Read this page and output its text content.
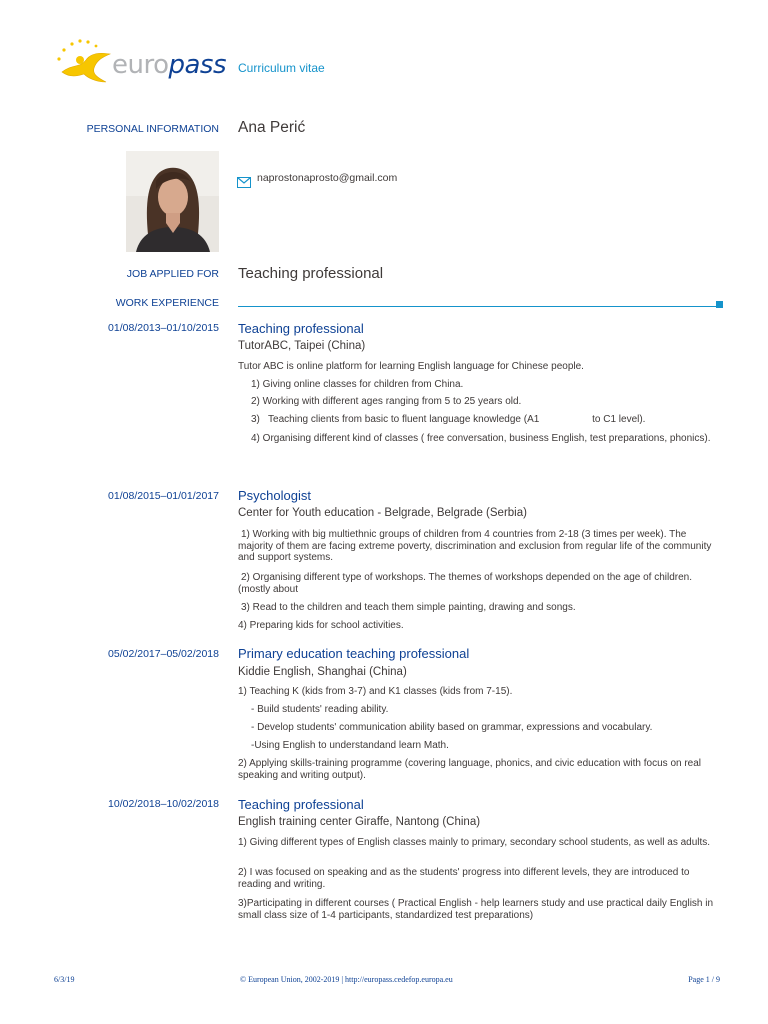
europass Curriculum vitae
PERSONAL INFORMATION Ana Perić
naprostonaprosto@gmail.com
JOB APPLIED FOR Teaching professional
WORK EXPERIENCE
01/08/2013–01/10/2015 Teaching professional
TutorABC, Taipei (China)
Tutor ABC is online platform for learning English language for Chinese people.
1) Giving online classes for children from China.
2) Working with different ages ranging from 5 to 25 years old.
3)   Teaching clients from basic to fluent language knowledge (A1                   to C1 level).
4) Organising different kind of classes ( free conversation, business English, test preparations, phonics).
01/08/2015–01/01/2017 Psychologist
Center for Youth education - Belgrade, Belgrade (Serbia)
1) Working with big multiethnic groups of children from 4 countries from 2-18 (3 times per week). The majority of them are facing extreme poverty, discrimination and exclusion from regular life of the community and support systems.
2) Organising different type of workshops. The themes of workshops depended on the age of children. (mostly about
3) Read to the children and teach them simple painting, drawing and songs.
4) Preparing kids for school activities.
05/02/2017–05/02/2018 Primary education teaching professional
Kiddie English, Shanghai (China)
1) Teaching K (kids from 3-7) and K1 classes (kids from 7-15).
- Build students' reading ability.
- Develop students' communication ability based on grammar, expressions and vocabulary.
-Using English to understandand learn Math.
2) Applying skills-training programme (covering language, phonics, and civic education with focus on real speaking and writing output).
10/02/2018–10/02/2018 Teaching professional
English training center Giraffe, Nantong (China)
1) Giving different types of English classes mainly to primary, secondary school students, as well as adults.
2) I was focused on speaking and as the students' progress into different levels, they are introduced to reading and writing.
3)Participating in different courses ( Practical English - help learners study and use practical daily English in small class size of 1-4 participants, standardized test preparations)
6/3/19	© European Union, 2002-2019 | http://europass.cedefop.europa.eu	Page 1 / 9
